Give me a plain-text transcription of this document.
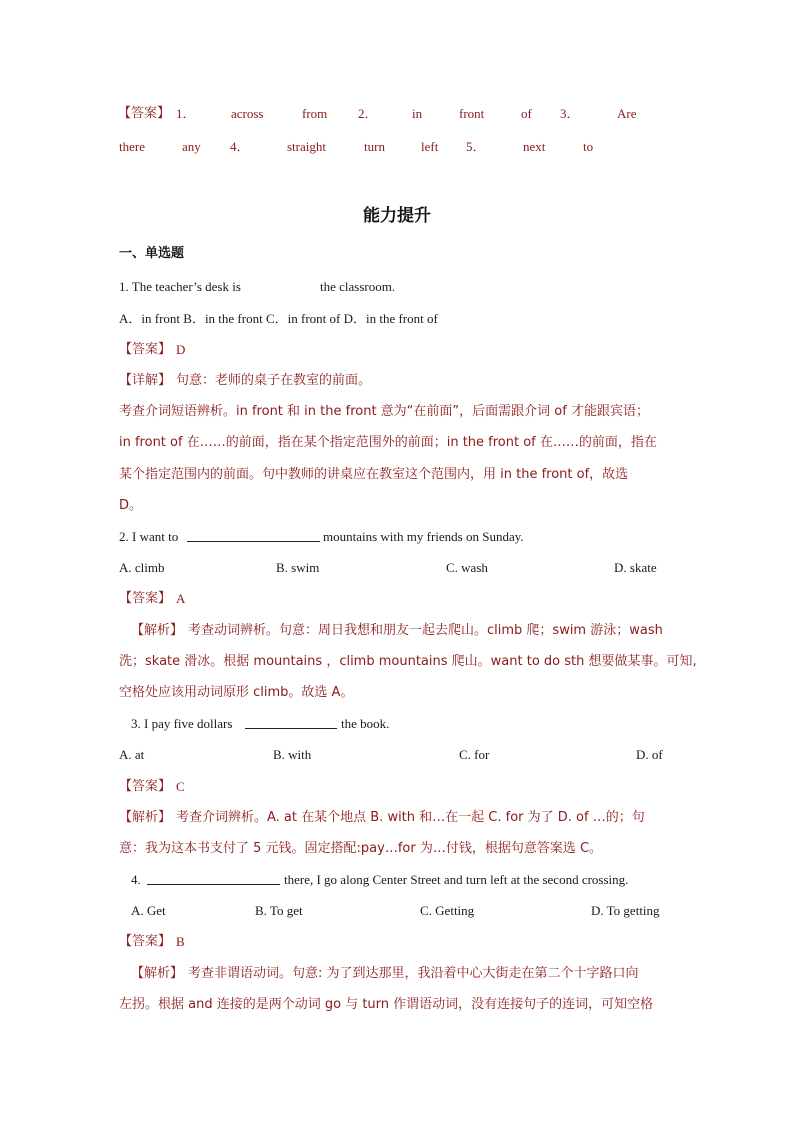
【答案】 1．	across	from 2．	in	front	of 3．	Are
there	any 4．	straight	turn	left 5．	next	to
能力提升
一、单选题
1. The teacher’s desk is	the classroom.
A．in front B．in the front C．in front of D．in the front of
【答案】 D
【详解】 句意：老师的桌子在教室的前面。
考查介词短语辨析。in front 和 in the front 意为“在前面”，后面需跟介词 of 才能跟宾语；
in front of 在……的前面，指在某个指定范围外的前面；in the front of 在……的前面，指在
某个指定范围内的前面。句中教师的讲桌应在教室这个范围内，用 in the front of，故选
D。
2. I want to	mountains with my friends on Sunday.
A. climb	B. swim	C. wash	D. skate
【答案】 A
【解析】 考查动词辨析。句意：周日我想和朋友一起去爬山。climb 爬；swim 游泳；wash
洗；skate 滑冰。根据 mountains ，climb mountains 爬山。want to do sth 想要做某事。可知,
空格处应该用动词原形 climb。故选 A。
3. I pay five dollars	the book.
A. at	B. with	C. for	D. of
【答案】 C
【解析】 考查介词辨析。A. at 在某个地点 B. with 和…在一起 C. for 为了 D. of …的；句
意：我为这本书支付了 5 元钱。固定搭配:pay…for 为…付钱，根据句意答案选 C。
4.	there, I go along Center Street and turn left at the second crossing.
A. Get	B. To get	C. Getting	D. To getting
【答案】 B
【解析】 考查非谓语动词。句意: 为了到达那里，我沿着中心大街走在第二个十字路口向
左拐。根据 and 连接的是两个动词 go 与 turn 作谓语动词，没有连接句子的连词，可知空格
